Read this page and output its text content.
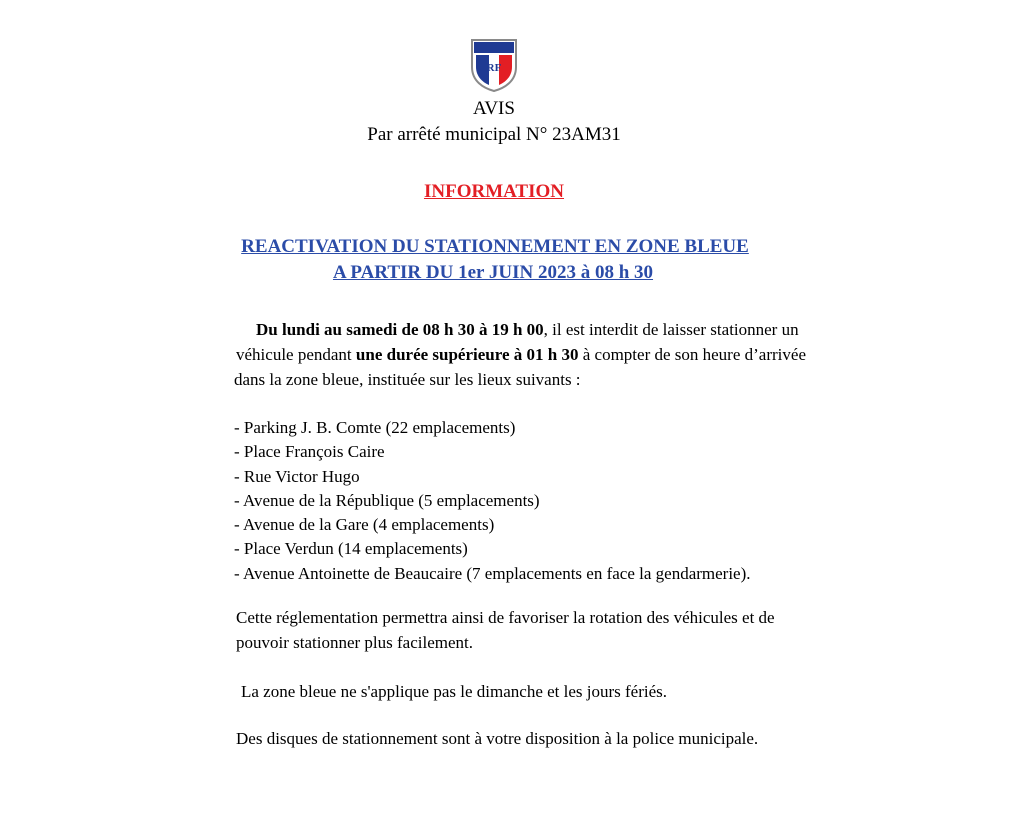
RF
AVIS
Par arrêté municipal N° 23AM31
INFORMATION
REACTIVATION DU STATIONNEMENT EN ZONE BLEUE
A PARTIR DU 1er JUIN 2023 à 08 h 30
Du lundi au samedi de 08 h 30 à 19 h 00, il est interdit de laisser stationner un
véhicule pendant une durée supérieure à 01 h 30 à compter de son heure d’arrivée
dans la zone bleue, instituée sur les lieux suivants :
- Parking J. B. Comte (22 emplacements)
- Place François Caire
- Rue Victor Hugo
- Avenue de la République (5 emplacements)
- Avenue de la Gare (4 emplacements)
- Place Verdun (14 emplacements)
- Avenue Antoinette de Beaucaire (7 emplacements en face la gendarmerie).
Cette réglementation permettra ainsi de favoriser la rotation des véhicules et de
pouvoir stationner plus facilement.
La zone bleue ne s'applique pas le dimanche et les jours fériés.
Des disques de stationnement sont à votre disposition à la police municipale.
